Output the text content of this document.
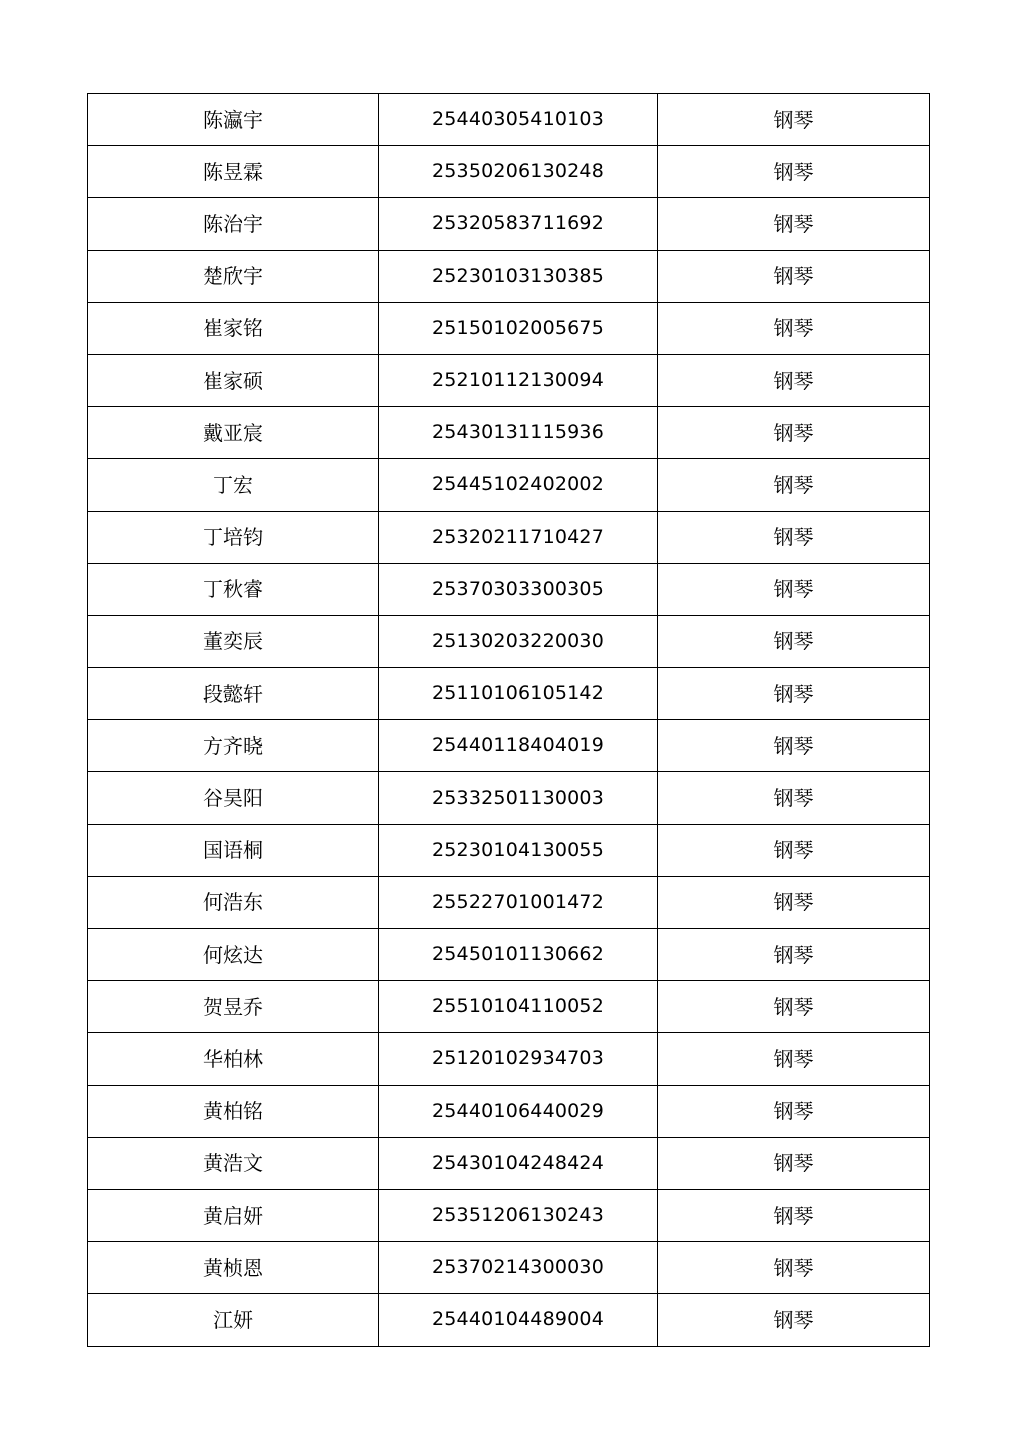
陈瀛宇	25440305410103	钢琴
陈昱霖	25350206130248	钢琴
陈治宇	25320583711692	钢琴
楚欣宇	25230103130385	钢琴
崔家铭	25150102005675	钢琴
崔家硕	25210112130094	钢琴
戴亚宸	25430131115936	钢琴
丁宏	25445102402002	钢琴
丁培钧	25320211710427	钢琴
丁秋睿	25370303300305	钢琴
董奕辰	25130203220030	钢琴
段懿轩	25110106105142	钢琴
方齐晓	25440118404019	钢琴
谷昊阳	25332501130003	钢琴
国语桐	25230104130055	钢琴
何浩东	25522701001472	钢琴
何炫达	25450101130662	钢琴
贺昱乔	25510104110052	钢琴
华柏林	25120102934703	钢琴
黄柏铭	25440106440029	钢琴
黄浩文	25430104248424	钢琴
黄启妍	25351206130243	钢琴
黄桢恩	25370214300030	钢琴
江妍	25440104489004	钢琴
